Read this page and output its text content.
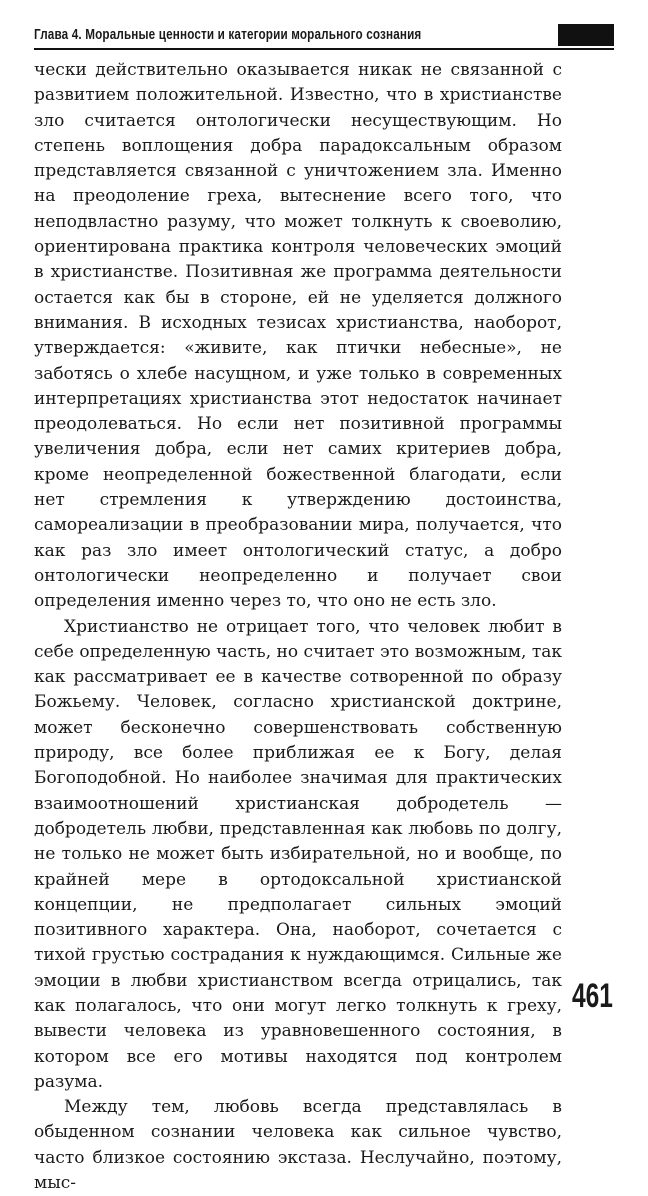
Глава 4. Моральные ценности и категории морального сознания

чески действительно оказывается никак не связанной с развитием положительной. Известно, что в христианстве зло считается онтологически несуществующим. Но степень воплощения добра парадоксальным образом представляется связанной с уничтожением зла. Именно на преодоление греха, вытеснение всего того, что неподвластно разуму, что может толкнуть к своеволию, ориентирована практика контроля человеческих эмоций в христианстве. Позитивная же программа деятельности остается как бы в стороне, ей не уделяется должного внимания. В исходных тезисах христианства, наоборот, утверждается: «живите, как птички небесные», не заботясь о хлебе насущном, и уже только в современных интерпретациях христианства этот недостаток начинает преодолеваться. Но если нет позитивной программы увеличения добра, если нет самих критериев добра, кроме неопределенной божественной благодати, если нет стремления к утверждению достоинства, самореализации в преобразовании мира, получается, что как раз зло имеет онтологический статус, а добро онтологически неопределенно и получает свои определения именно через то, что оно не есть зло.

Христианство не отрицает того, что человек любит в себе определенную часть, но считает это возможным, так как рассматривает ее в качестве сотворенной по образу Божьему. Человек, согласно христианской доктрине, может бесконечно совершенствовать собственную природу, все более приближая ее к Богу, делая Богоподобной. Но наиболее значимая для практических взаимоотношений христианская добродетель — добродетель любви, представленная как любовь по долгу, не только не может быть избирательной, но и вообще, по крайней мере в ортодоксальной христианской концепции, не предполагает сильных эмоций позитивного характера. Она, наоборот, сочетается с тихой грустью сострадания к нуждающимся. Сильные же эмоции в любви христианством всегда отрицались, так как полагалось, что они могут легко толкнуть к греху, вывести человека из уравновешенного состояния, в котором все его мотивы находятся под контролем разума.

Между тем, любовь всегда представлялась в обыденном сознании человека как сильное чувство, часто близкое состоянию экстаза. Неслучайно, поэтому, мыс-

461
